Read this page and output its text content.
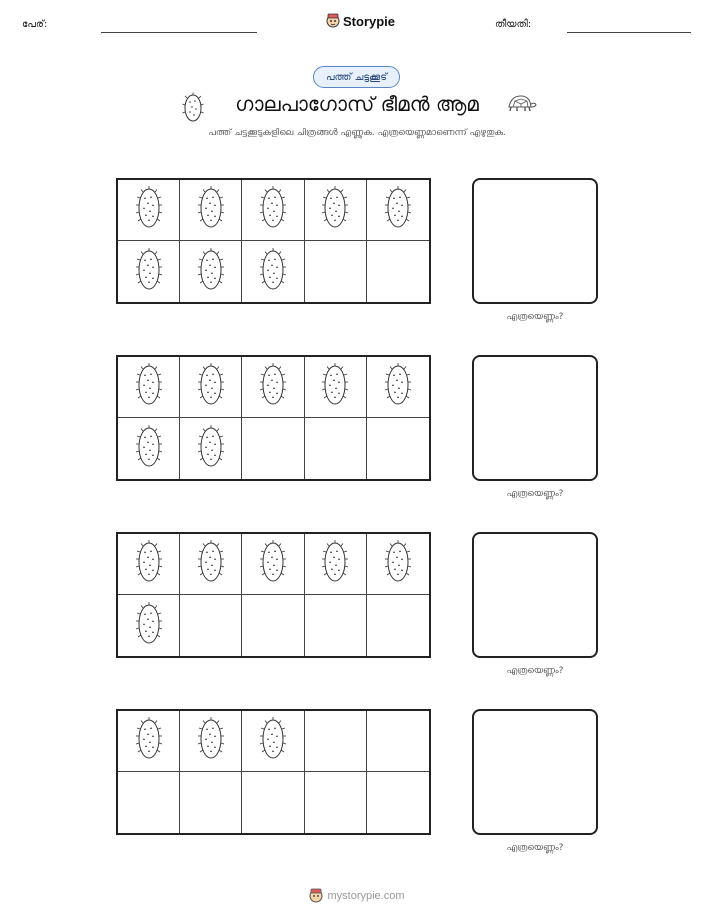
പേര്:	Storypie	തീയതി:
പത്ത് ചട്ടക്കൂട്
ഗാലപാഗോസ് ഭീമൻ ആമ
പത്ത് ചട്ടക്കൂടുകളിലെ ചിത്രങ്ങൾ എണ്ണുക. എത്രയെണ്ണമാണെന്ന് എഴുതുക.
എത്രയെണ്ണം?
എത്രയെണ്ണം?
എത്രയെണ്ണം?
എത്രയെണ്ണം?
mystorypie.com
